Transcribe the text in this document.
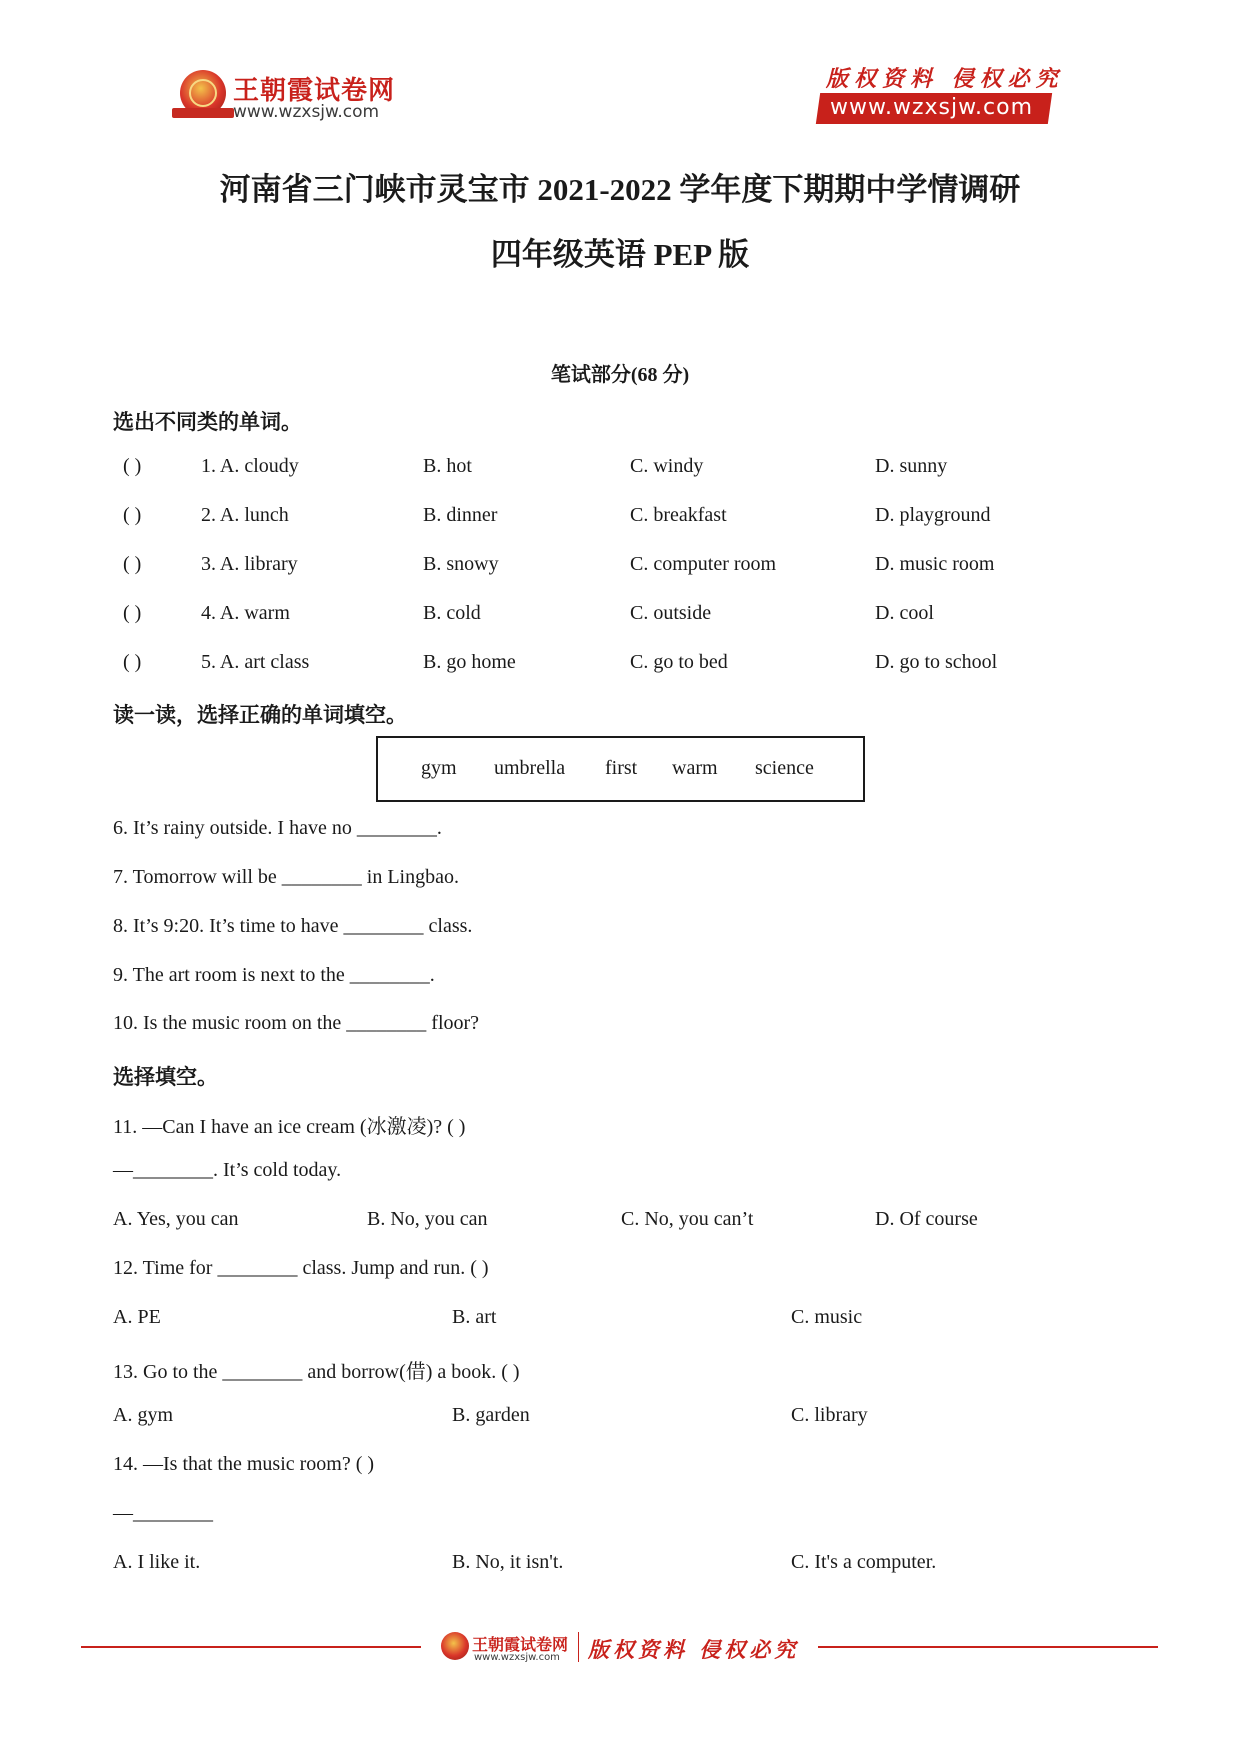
王朝霞试卷网
www.wzxsjw.com
版权资料 侵权必究
www.wzxsjw.com
河南省三门峡市灵宝市 2021-2022 学年度下期期中学情调研
四年级英语 PEP 版
笔试部分(68 分)
选出不同类的单词。
( )	1. A. cloudy	B. hot	C. windy	D. sunny
( )	2. A. lunch	B. dinner	C. breakfast	D. playground
( )	3. A. library	B. snowy	C. computer room	D. music room
( )	4. A. warm	B. cold	C. outside	D. cool
( )	5. A. art class	B. go home	C. go to bed	D. go to school
读一读，选择正确的单词填空。
gym umbrella first warm science
6. It’s rainy outside. I have no ________.
7. Tomorrow will be ________ in Lingbao.
8. It’s 9:20. It’s time to have ________ class.
9. The art room is next to the ________.
10. Is the music room on the ________ floor?
选择填空。
11. —Can I have an ice cream (冰激凌)? ( )
—________. It’s cold today.
A. Yes, you can	B. No, you can	C. No, you can’t	D. Of course
12. Time for ________ class. Jump and run. ( )
A. PE	B. art	C. music
13. Go to the ________ and borrow(借) a book. ( )
A. gym	B. garden	C. library
14. —Is that the music room? ( )
—________
A. I like it.	B. No, it isn't.	C. It's a computer.
王朝霞试卷网
www.wzxsjw.com 版权资料 侵权必究
